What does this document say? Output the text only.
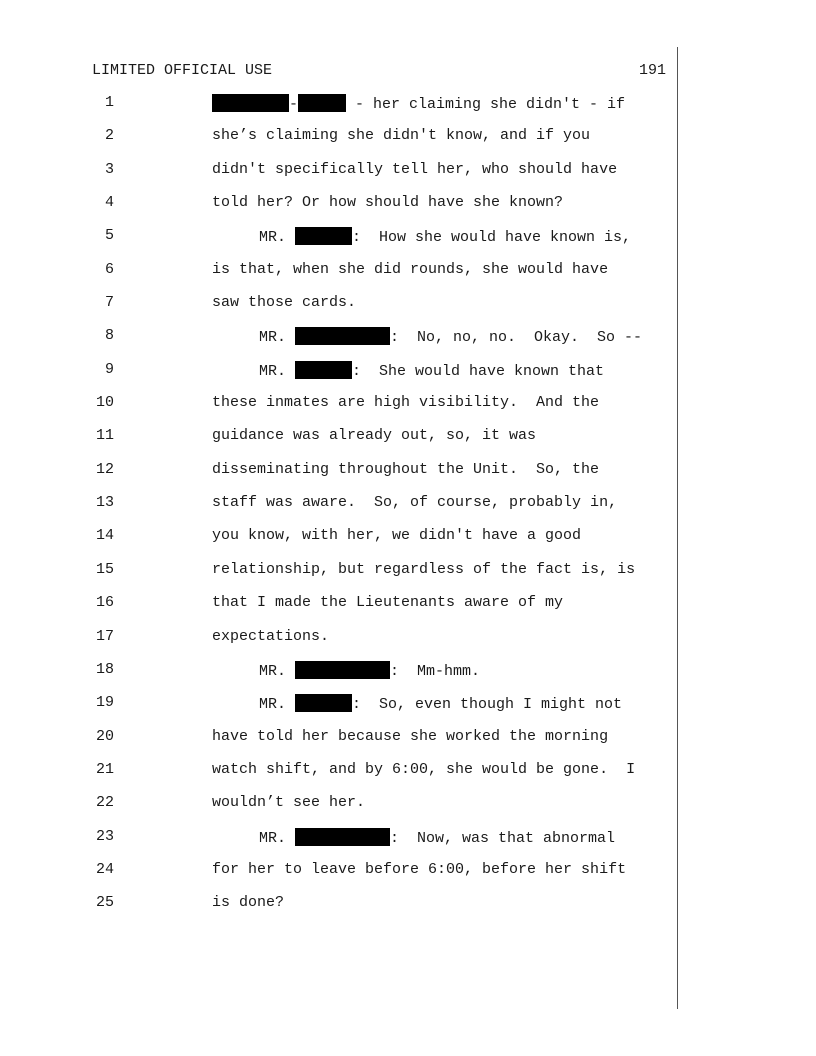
LIMITED OFFICIAL USE	191
1	-	- her claiming she didn't - if
2	she’s claiming she didn't know, and if you
3	didn't specifically tell her, who should have
4	told her? Or how should have she known?
5	MR.	:  How she would have known is,
6	is that, when she did rounds, she would have
7	saw those cards.
8	MR.	:  No, no, no.  Okay.  So --
9	MR.	:  She would have known that
10	these inmates are high visibility.  And the
11	guidance was already out, so, it was
12	disseminating throughout the Unit.  So, the
13	staff was aware.  So, of course, probably in,
14	you know, with her, we didn't have a good
15	relationship, but regardless of the fact is, is
16	that I made the Lieutenants aware of my
17	expectations.
18	MR.	:  Mm-hmm.
19	MR.	:  So, even though I might not
20	have told her because she worked the morning
21	watch shift, and by 6:00, she would be gone.  I
22	wouldn’t see her.
23	MR.	:  Now, was that abnormal
24	for her to leave before 6:00, before her shift
25	is done?
